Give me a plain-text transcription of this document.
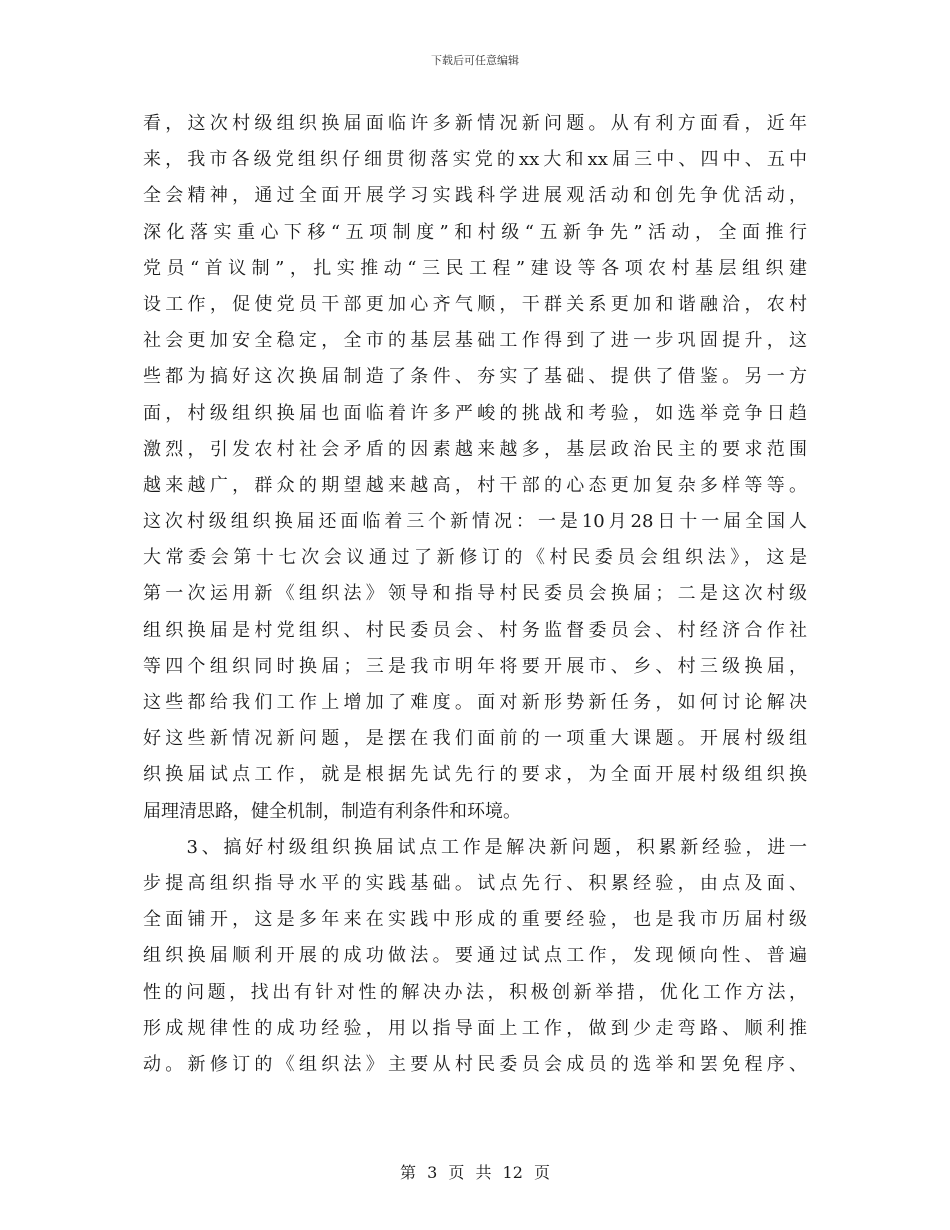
下载后可任意编辑
看，这次村级组织换届面临许多新情况新问题。从有利方面看，近年
来，我市各级党组织仔细贯彻落实党的xx大和xx届三中、四中、五中
全会精神，通过全面开展学习实践科学进展观活动和创先争优活动，
深化落实重心下移“五项制度”和村级“五新争先”活动，全面推行
党员“首议制”，扎实推动“三民工程”建设等各项农村基层组织建
设工作，促使党员干部更加心齐气顺，干群关系更加和谐融洽，农村
社会更加安全稳定，全市的基层基础工作得到了进一步巩固提升，这
些都为搞好这次换届制造了条件、夯实了基础、提供了借鉴。另一方
面，村级组织换届也面临着许多严峻的挑战和考验，如选举竞争日趋
激烈，引发农村社会矛盾的因素越来越多，基层政治民主的要求范围
越来越广，群众的期望越来越高，村干部的心态更加复杂多样等等。
这次村级组织换届还面临着三个新情况：一是10月28日十一届全国人
大常委会第十七次会议通过了新修订的《村民委员会组织法》，这是
第一次运用新《组织法》领导和指导村民委员会换届；二是这次村级
组织换届是村党组织、村民委员会、村务监督委员会、村经济合作社
等四个组织同时换届；三是我市明年将要开展市、乡、村三级换届，
这些都给我们工作上增加了难度。面对新形势新任务，如何讨论解决
好这些新情况新问题，是摆在我们面前的一项重大课题。开展村级组
织换届试点工作，就是根据先试先行的要求，为全面开展村级组织换
届理清思路，健全机制，制造有利条件和环境。
　　3、搞好村级组织换届试点工作是解决新问题，积累新经验，进一
步提高组织指导水平的实践基础。试点先行、积累经验，由点及面、
全面铺开，这是多年来在实践中形成的重要经验，也是我市历届村级
组织换届顺利开展的成功做法。要通过试点工作，发现倾向性、普遍
性的问题，找出有针对性的解决办法，积极创新举措，优化工作方法，
形成规律性的成功经验，用以指导面上工作，做到少走弯路、顺利推
动。新修订的《组织法》主要从村民委员会成员的选举和罢免程序、
第 3 页 共 12 页
